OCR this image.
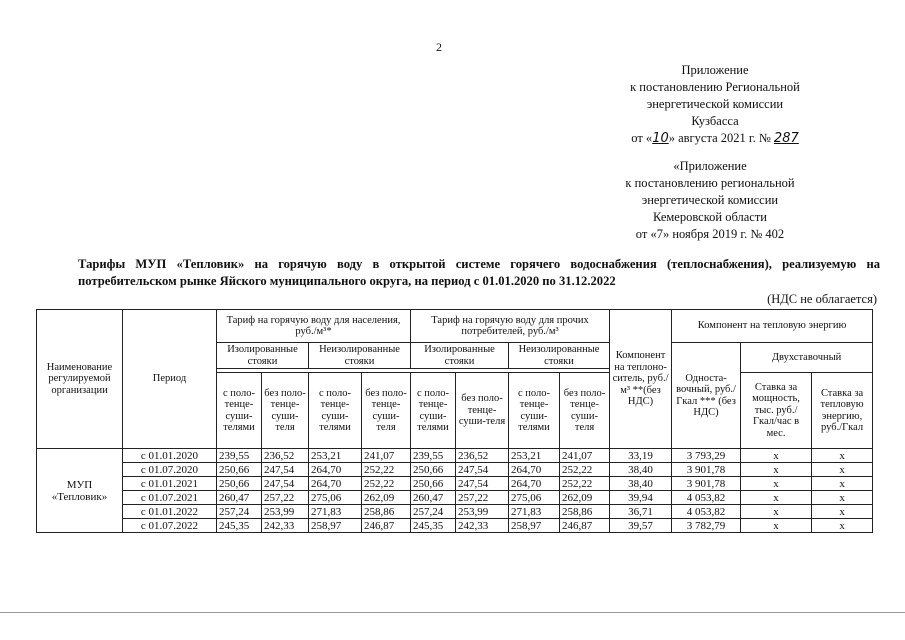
2
Приложение
к постановлению Региональной
энергетической комиссии
Кузбасса
от «10» августа 2021 г. № 287
«Приложение
к постановлению региональной
энергетической комиссии
Кемеровской области
от «7» ноября 2019 г. № 402
Тарифы МУП «Тепловик» на горячую воду в открытой системе горячего водоснабжения (теплоснабжения), реализуемую на потребительском рынке Яйского муниципального округа, на период с 01.01.2020 по 31.12.2022
(НДС не облагается)
Наименование регулируемой организации	Период	Тариф на горячую воду для населения, руб./м³*				Тариф на горячую воду для прочих потребителей, руб./м³				Компонент на теплоно-ситель, руб./м³ **(без НДС)	Компонент на тепловую энергию		
		Изолированные стояки		Неизолированные стояки		Изолированные стояки		Неизолированные стояки			Односта-вочный, руб./Гкал *** (без НДС)	Двухставочный	

		с поло-тенце-суши-телями	без поло-тенце-суши-теля	с поло-тенце-суши-телями	без поло-тенце-суши-теля	с поло-тенце-суши-телями	без поло-тенце-суши-теля	с поло-тенце-суши-телями	без поло-тенце-суши-теля			Ставка за мощность, тыс. руб./ Гкал/час в мес.	Ставка за тепловую энергию, руб./Гкал
МУП «Тепловик»	с 01.01.2020	239,55	236,52	253,21	241,07	239,55	236,52	253,21	241,07	33,19	3 793,29	х	х
	с 01.07.2020	250,66	247,54	264,70	252,22	250,66	247,54	264,70	252,22	38,40	3 901,78	х	х
	с 01.01.2021	250,66	247,54	264,70	252,22	250,66	247,54	264,70	252,22	38,40	3 901,78	х	х
	с 01.07.2021	260,47	257,22	275,06	262,09	260,47	257,22	275,06	262,09	39,94	4 053,82	х	х
	с 01.01.2022	257,24	253,99	271,83	258,86	257,24	253,99	271,83	258,86	36,71	4 053,82	х	х
	с 01.07.2022	245,35	242,33	258,97	246,87	245,35	242,33	258,97	246,87	39,57	3 782,79	х	х
